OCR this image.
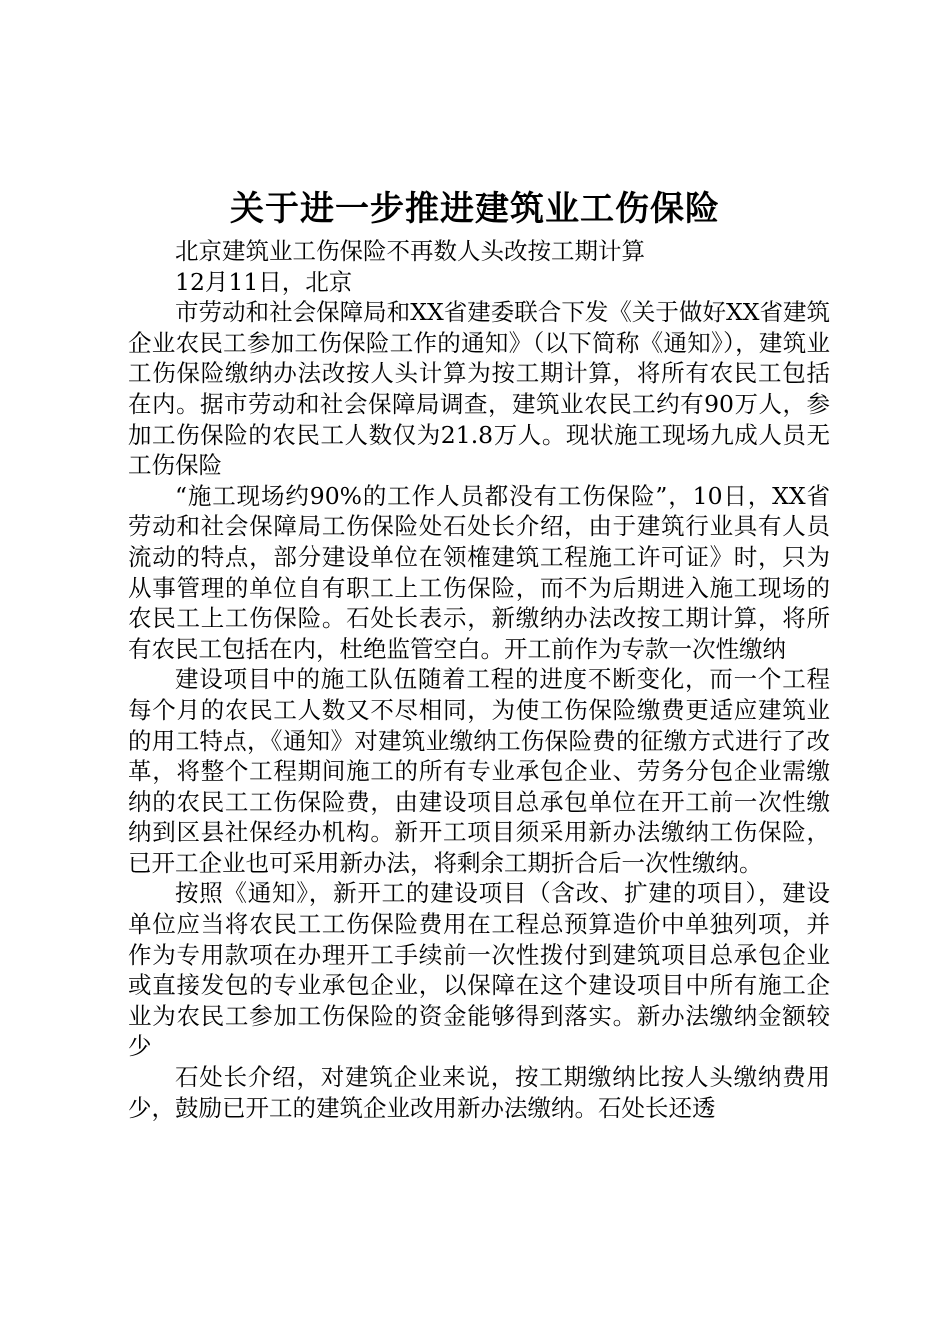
关于进一步推进建筑业工伤保险

北京建筑业工伤保险不再数人头改按工期计算

12月11日，北京

市劳动和社会保障局和XX省建委联合下发《关于做好XX省建筑企业农民工参加工伤保险工作的通知》（以下简称《通知》），建筑业工伤保险缴纳办法改按人头计算为按工期计算，将所有农民工包括在内。据市劳动和社会保障局调查，建筑业农民工约有90万人，参加工伤保险的农民工人数仅为21.8万人。现状施工现场九成人员无工伤保险

“施工现场约90%的工作人员都没有工伤保险”，10日，XX省劳动和社会保障局工伤保险处石处长介绍，由于建筑行业具有人员流动的特点，部分建设单位在领榷建筑工程施工许可证》时，只为从事管理的单位自有职工上工伤保险，而不为后期进入施工现场的农民工上工伤保险。石处长表示，新缴纳办法改按工期计算，将所有农民工包括在内，杜绝监管空白。开工前作为专款一次性缴纳

建设项目中的施工队伍随着工程的进度不断变化，而一个工程每个月的农民工人数又不尽相同，为使工伤保险缴费更适应建筑业的用工特点，《通知》对建筑业缴纳工伤保险费的征缴方式进行了改革，将整个工程期间施工的所有专业承包企业、劳务分包企业需缴纳的农民工工伤保险费，由建设项目总承包单位在开工前一次性缴纳到区县社保经办机构。新开工项目须采用新办法缴纳工伤保险，已开工企业也可采用新办法，将剩余工期折合后一次性缴纳。

按照《通知》，新开工的建设项目（含改、扩建的项目），建设单位应当将农民工工伤保险费用在工程总预算造价中单独列项，并作为专用款项在办理开工手续前一次性拨付到建筑项目总承包企业或直接发包的专业承包企业，以保障在这个建设项目中所有施工企业为农民工参加工伤保险的资金能够得到落实。新办法缴纳金额较少

石处长介绍，对建筑企业来说，按工期缴纳比按人头缴纳费用少，鼓励已开工的建筑企业改用新办法缴纳。石处长还透
